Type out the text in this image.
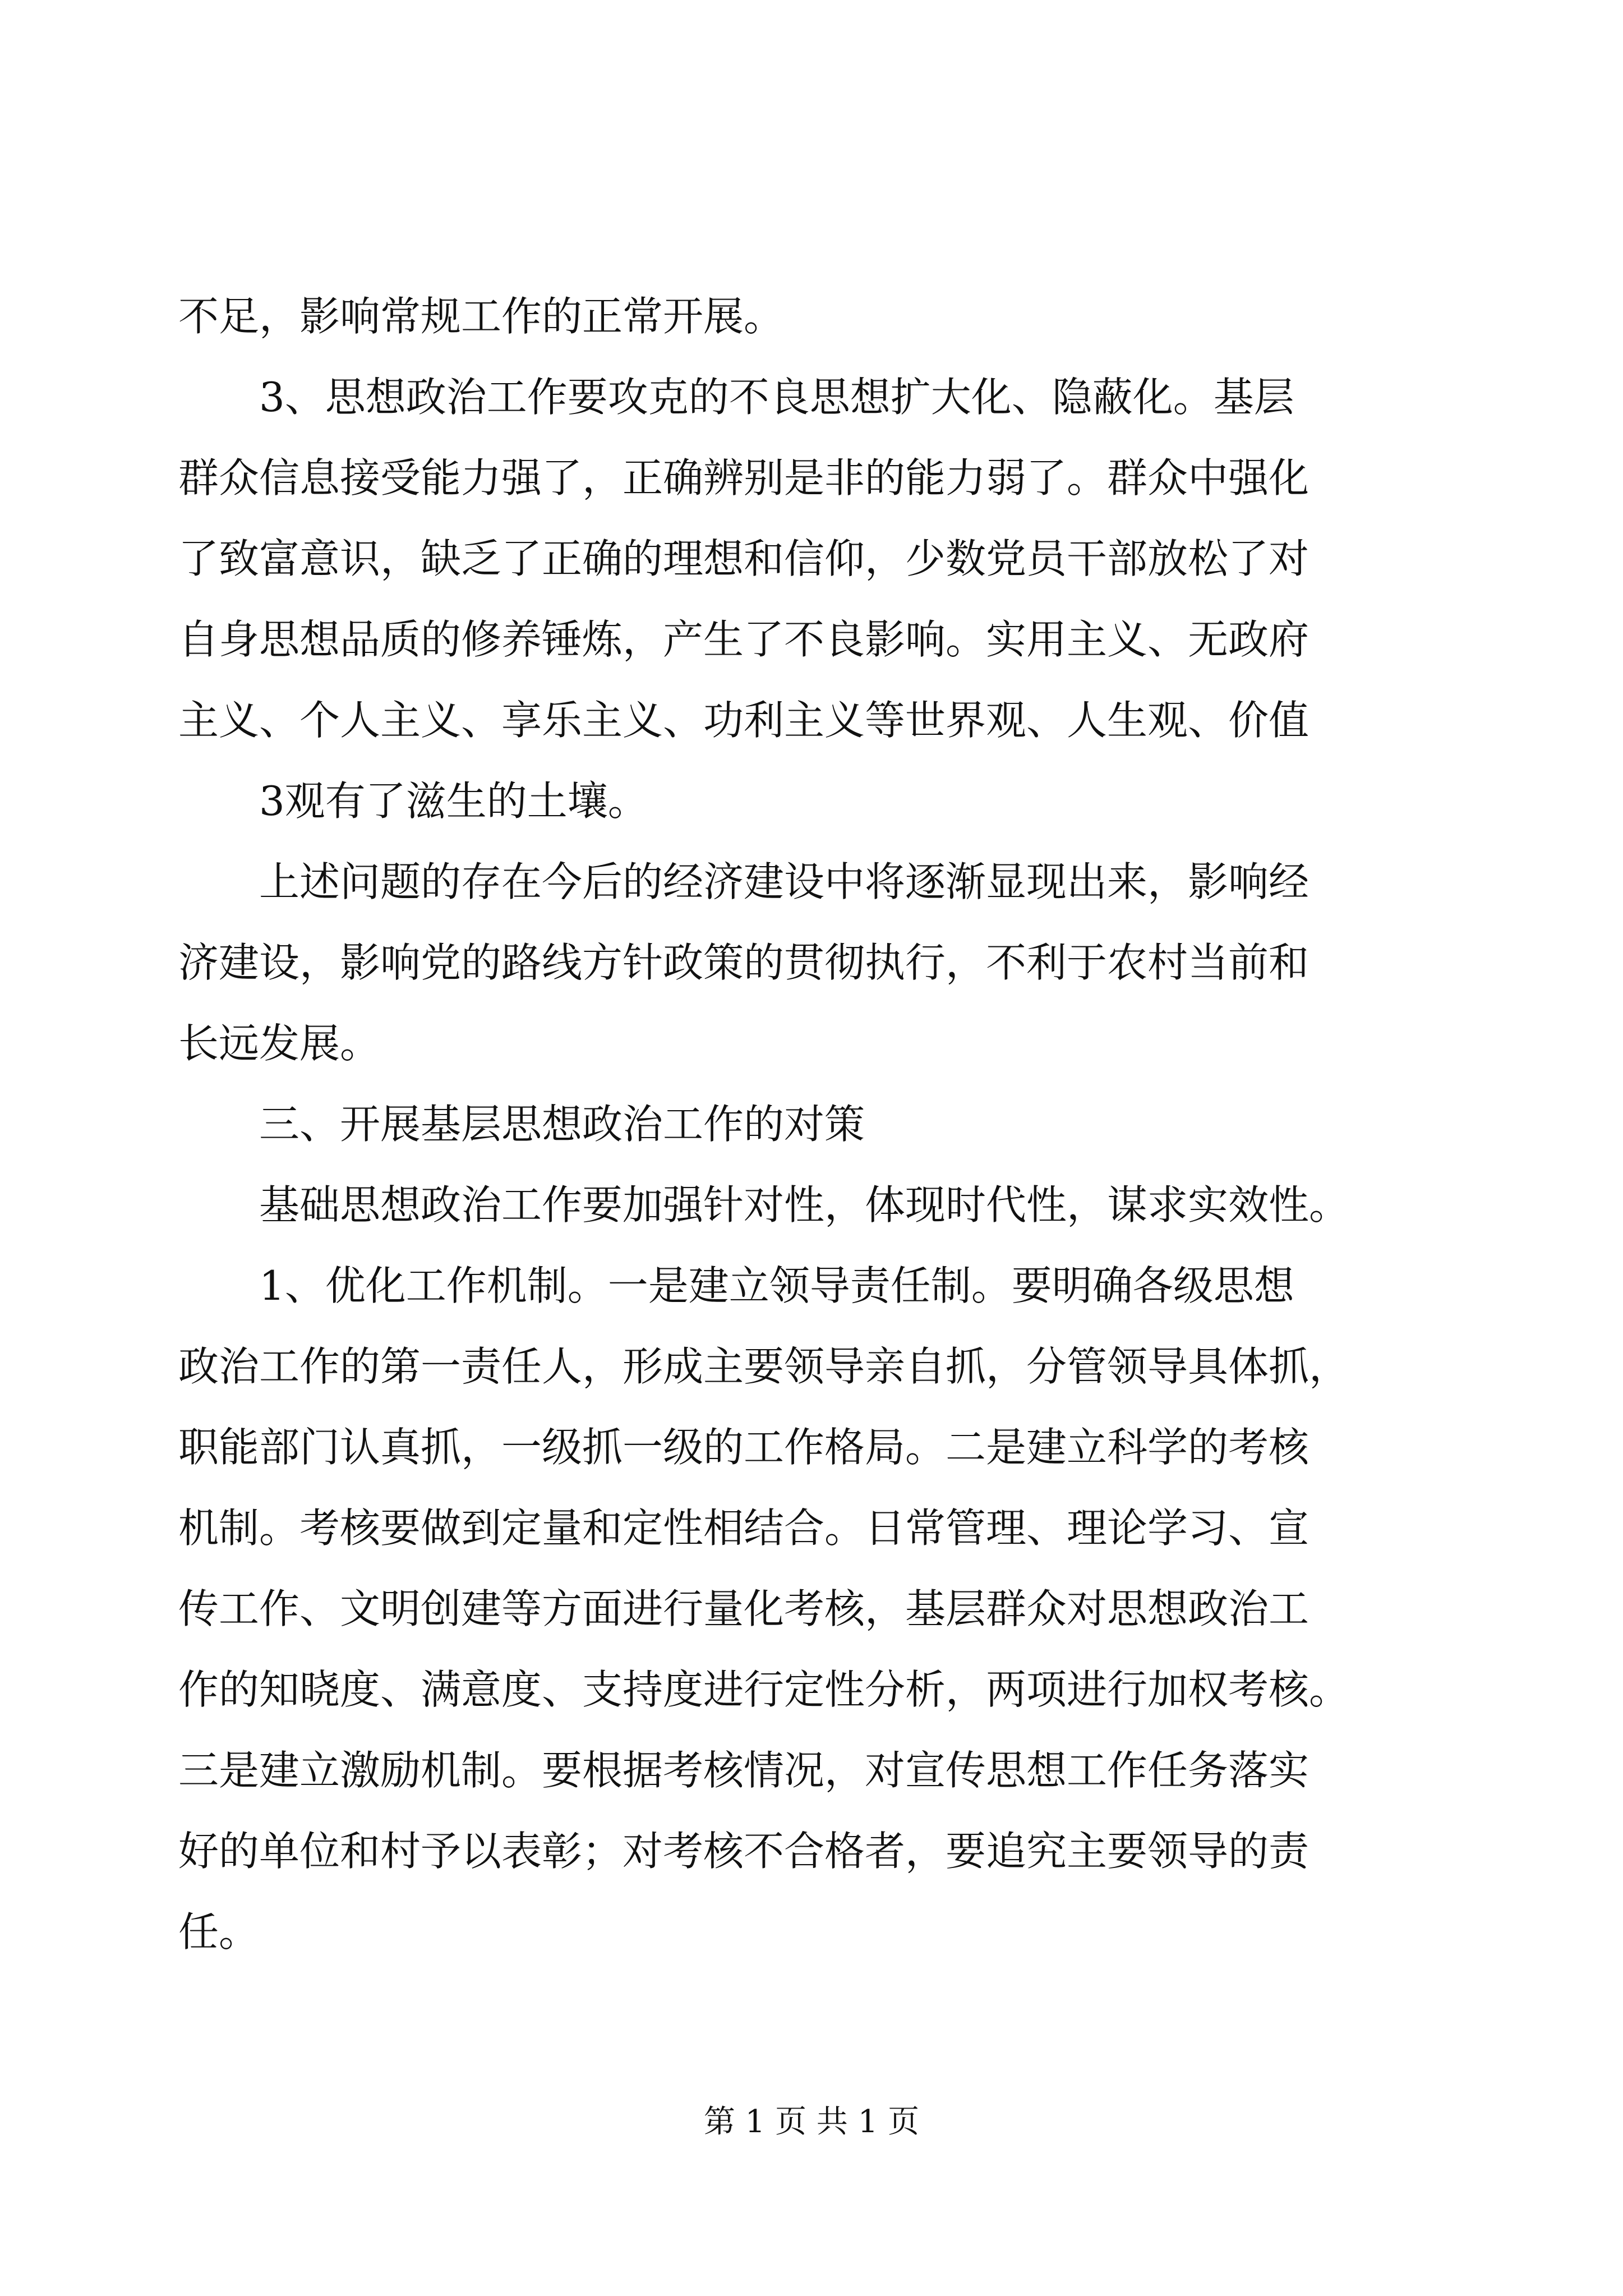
不足，影响常规工作的正常开展。
3、思想政治工作要攻克的不良思想扩大化、隐蔽化。基层
群众信息接受能力强了，正确辨别是非的能力弱了。群众中强化
了致富意识，缺乏了正确的理想和信仰，少数党员干部放松了对
自身思想品质的修养锤炼，产生了不良影响。实用主义、无政府
主义、个人主义、享乐主义、功利主义等世界观、人生观、价值
3观有了滋生的土壤。
上述问题的存在今后的经济建设中将逐渐显现出来，影响经
济建设，影响党的路线方针政策的贯彻执行，不利于农村当前和
长远发展。
三、开展基层思想政治工作的对策
基础思想政治工作要加强针对性，体现时代性，谋求实效性。
1、优化工作机制。一是建立领导责任制。要明确各级思想
政治工作的第一责任人，形成主要领导亲自抓，分管领导具体抓，
职能部门认真抓，一级抓一级的工作格局。二是建立科学的考核
机制。考核要做到定量和定性相结合。日常管理、理论学习、宣
传工作、文明创建等方面进行量化考核，基层群众对思想政治工
作的知晓度、满意度、支持度进行定性分析，两项进行加权考核。
三是建立激励机制。要根据考核情况，对宣传思想工作任务落实
好的单位和村予以表彰；对考核不合格者，要追究主要领导的责
任。
第 1 页 共 1 页
